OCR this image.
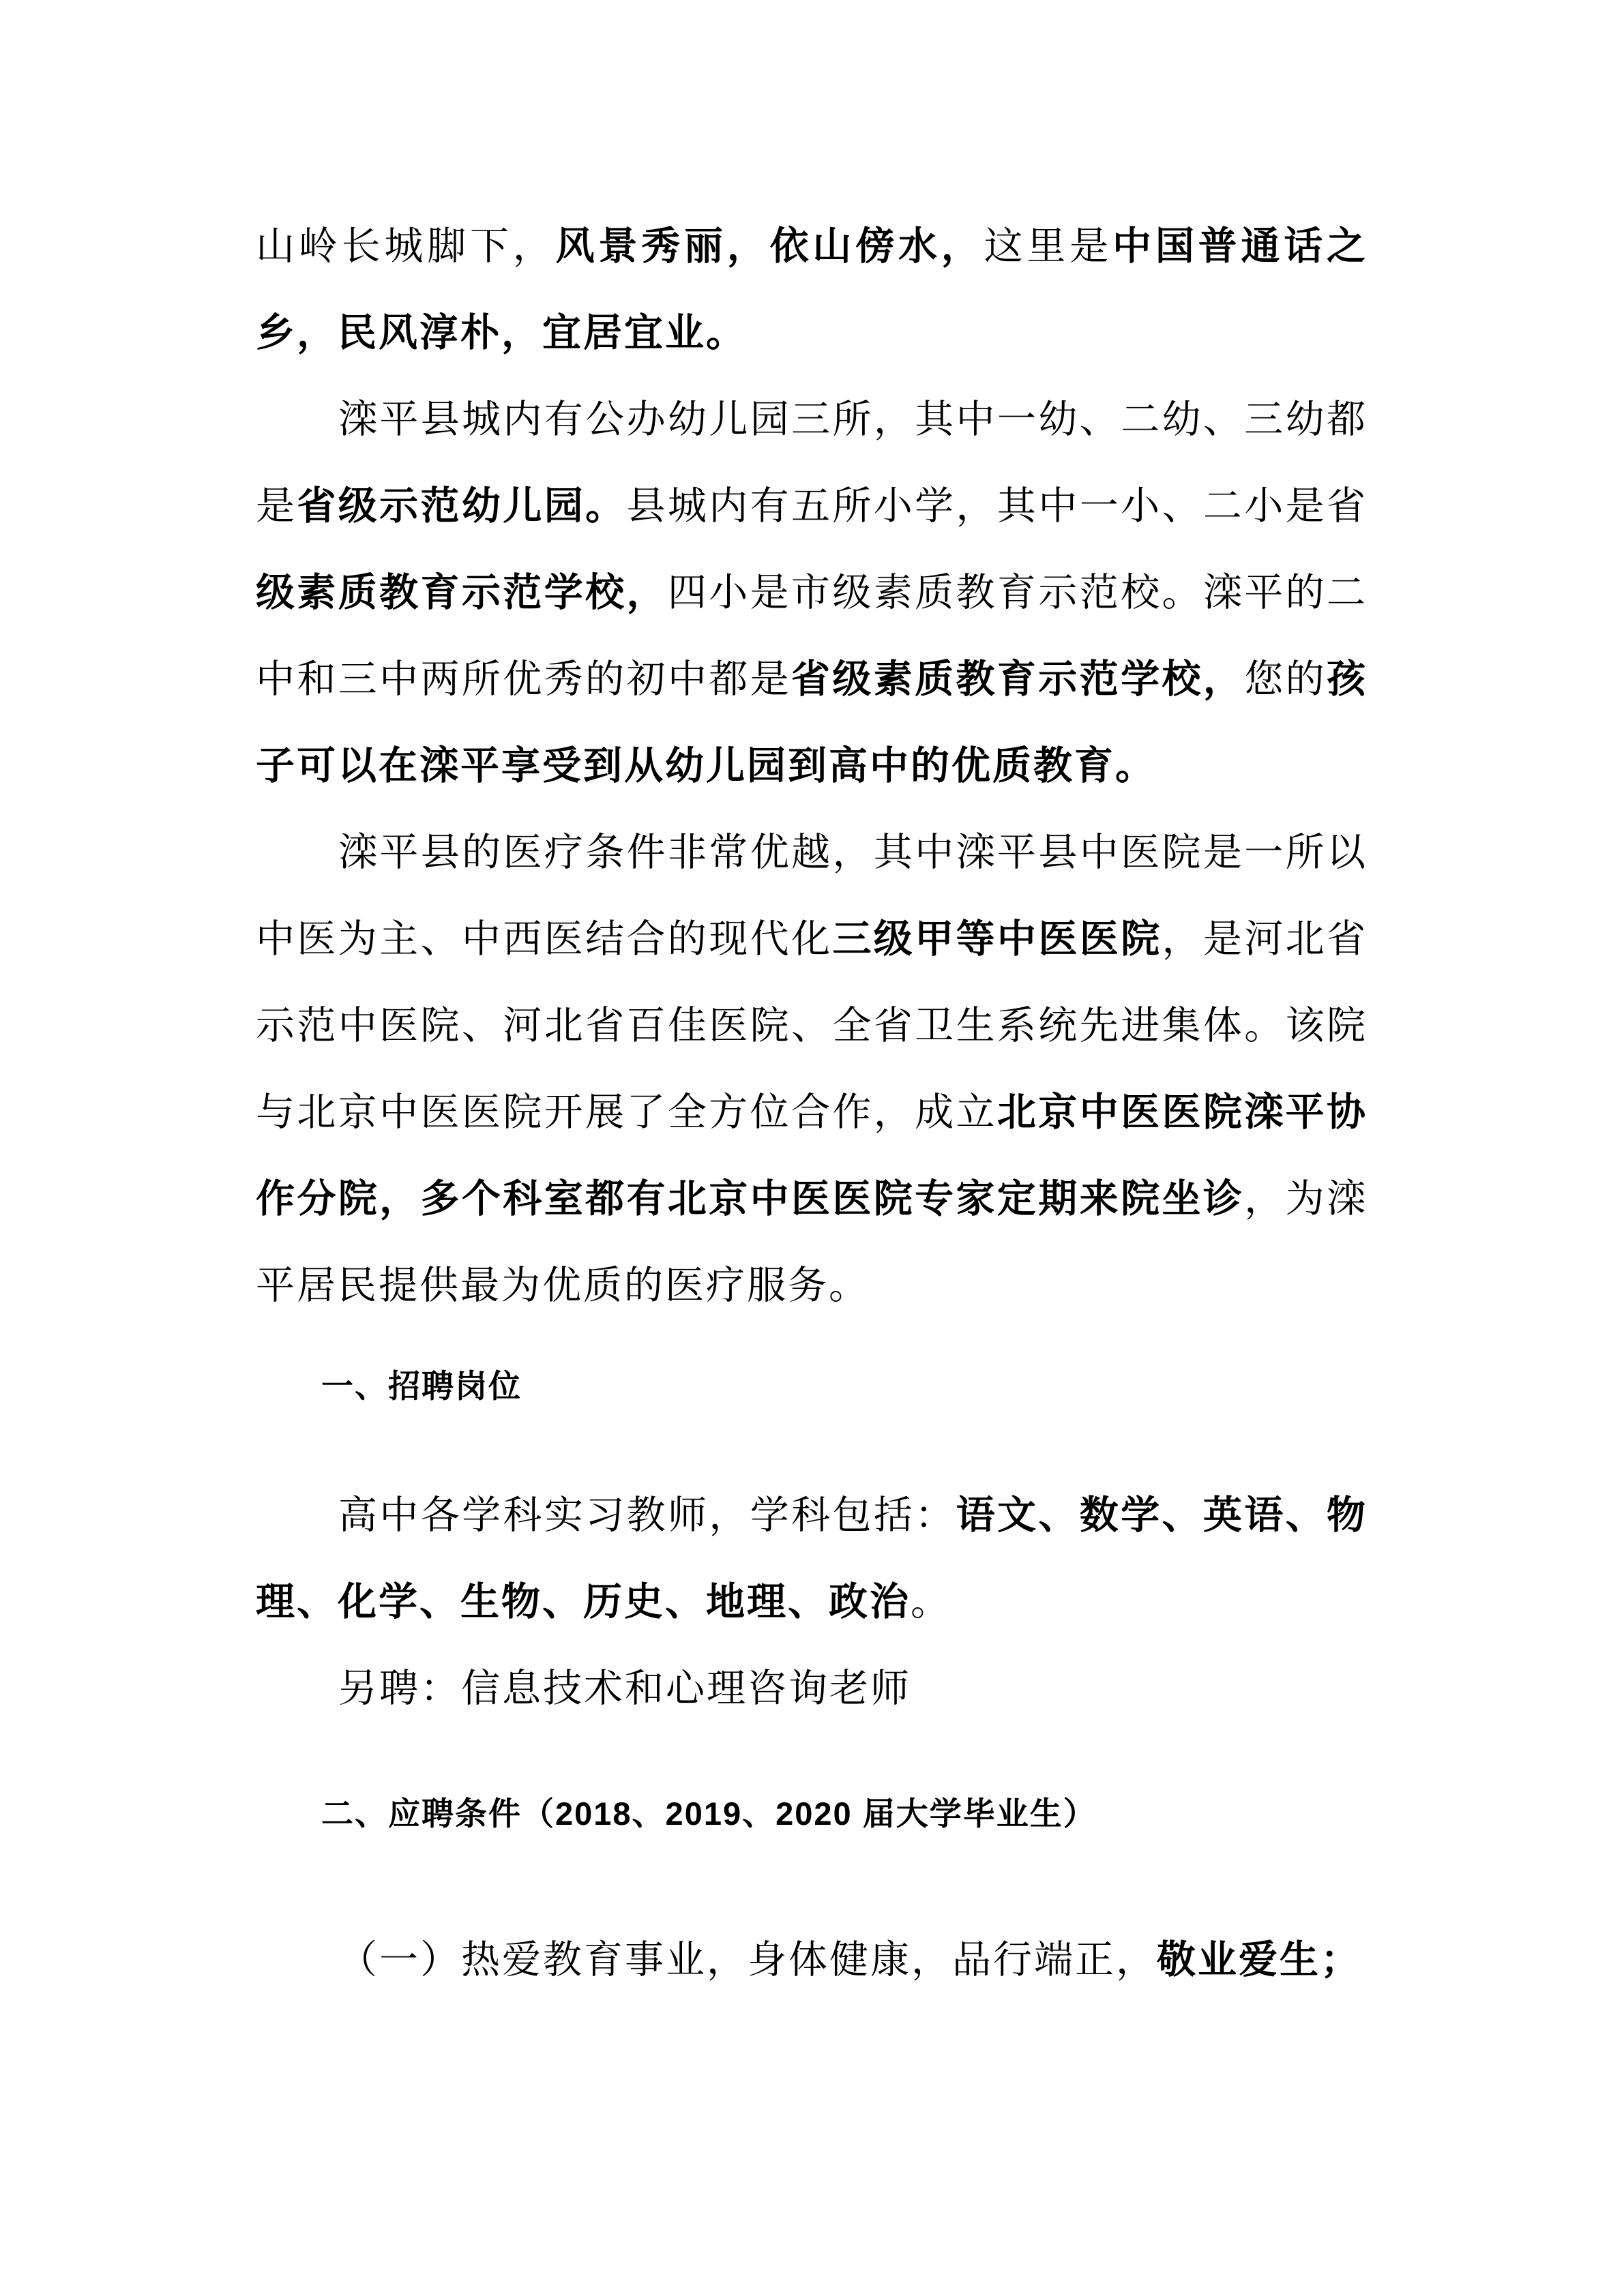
山岭长城脚下，风景秀丽，依山傍水，这里是中国普通话之乡，民风淳朴，宜居宜业。

滦平县城内有公办幼儿园三所，其中一幼、二幼、三幼都是省级示范幼儿园。县城内有五所小学，其中一小、二小是省级素质教育示范学校，四小是市级素质教育示范校。滦平的二中和三中两所优秀的初中都是省级素质教育示范学校，您的孩子可以在滦平享受到从幼儿园到高中的优质教育。

滦平县的医疗条件非常优越，其中滦平县中医院是一所以中医为主、中西医结合的现代化三级甲等中医医院，是河北省示范中医院、河北省百佳医院、全省卫生系统先进集体。该院与北京中医医院开展了全方位合作，成立北京中医医院滦平协作分院，多个科室都有北京中医医院专家定期来院坐诊，为滦平居民提供最为优质的医疗服务。

一、招聘岗位

高中各学科实习教师，学科包括：语文、数学、英语、物理、化学、生物、历史、地理、政治。

另聘：信息技术和心理咨询老师

二、应聘条件（2018、2019、2020 届大学毕业生）

（一）热爱教育事业，身体健康，品行端正，敬业爱生；
